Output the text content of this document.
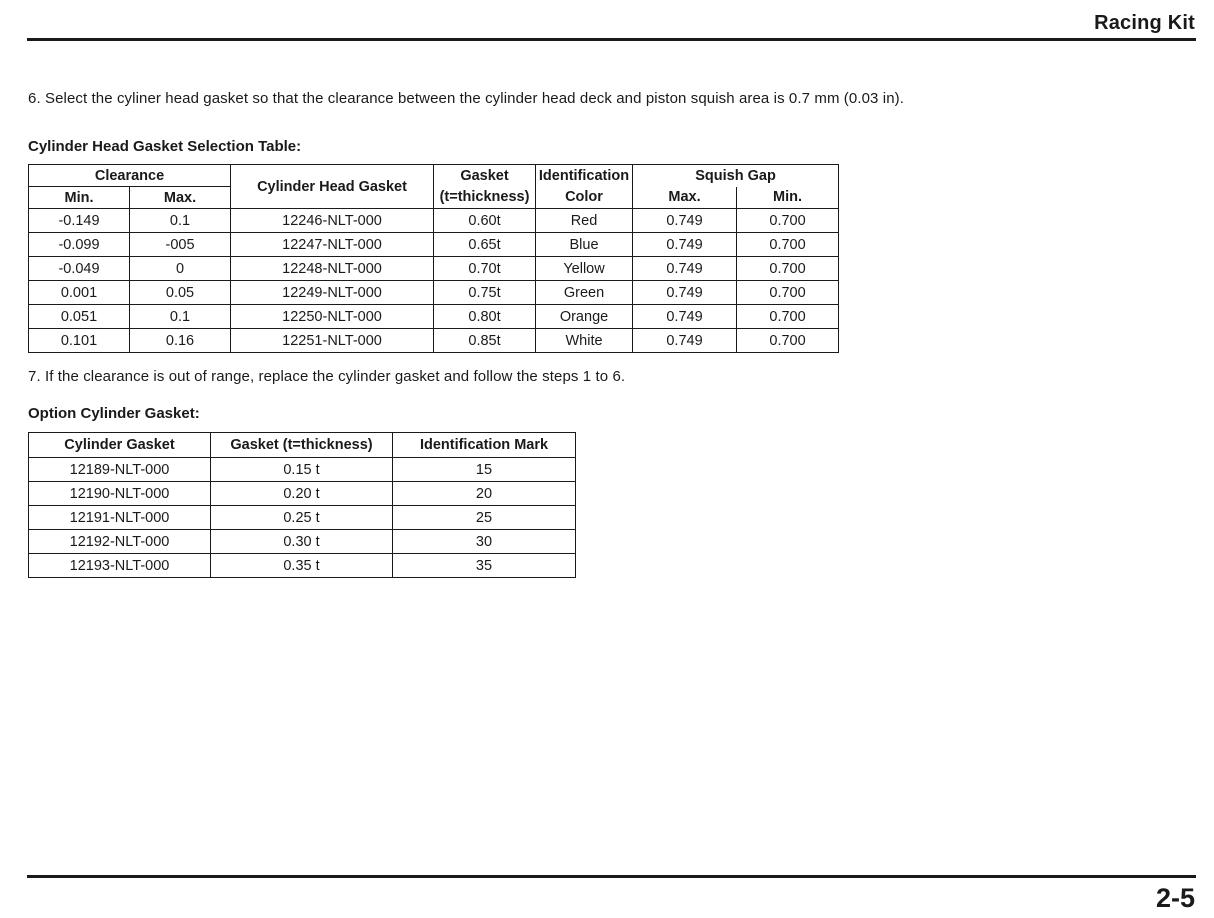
Racing Kit
6. Select the cyliner head gasket so that the clearance between the cylinder head deck and piston squish area is 0.7 mm (0.03 in).
Cylinder Head Gasket Selection Table:
Clearance		Cylinder Head Gasket	Gasket	Identification	Squish Gap	
Min.	Max.		(t=thickness)	Color	Max.	Min.
-0.149	0.1	12246-NLT-000	0.60t	Red	0.749	0.700
-0.099	-005	12247-NLT-000	0.65t	Blue	0.749	0.700
-0.049	0	12248-NLT-000	0.70t	Yellow	0.749	0.700
0.001	0.05	12249-NLT-000	0.75t	Green	0.749	0.700
0.051	0.1	12250-NLT-000	0.80t	Orange	0.749	0.700
0.101	0.16	12251-NLT-000	0.85t	White	0.749	0.700
7. If the clearance is out of range, replace the cylinder gasket and follow the steps 1 to 6.
Option Cylinder Gasket:
Cylinder Gasket	Gasket (t=thickness)	Identification Mark
12189-NLT-000	0.15 t	15
12190-NLT-000	0.20 t	20
12191-NLT-000	0.25 t	25
12192-NLT-000	0.30 t	30
12193-NLT-000	0.35 t	35
2-5
